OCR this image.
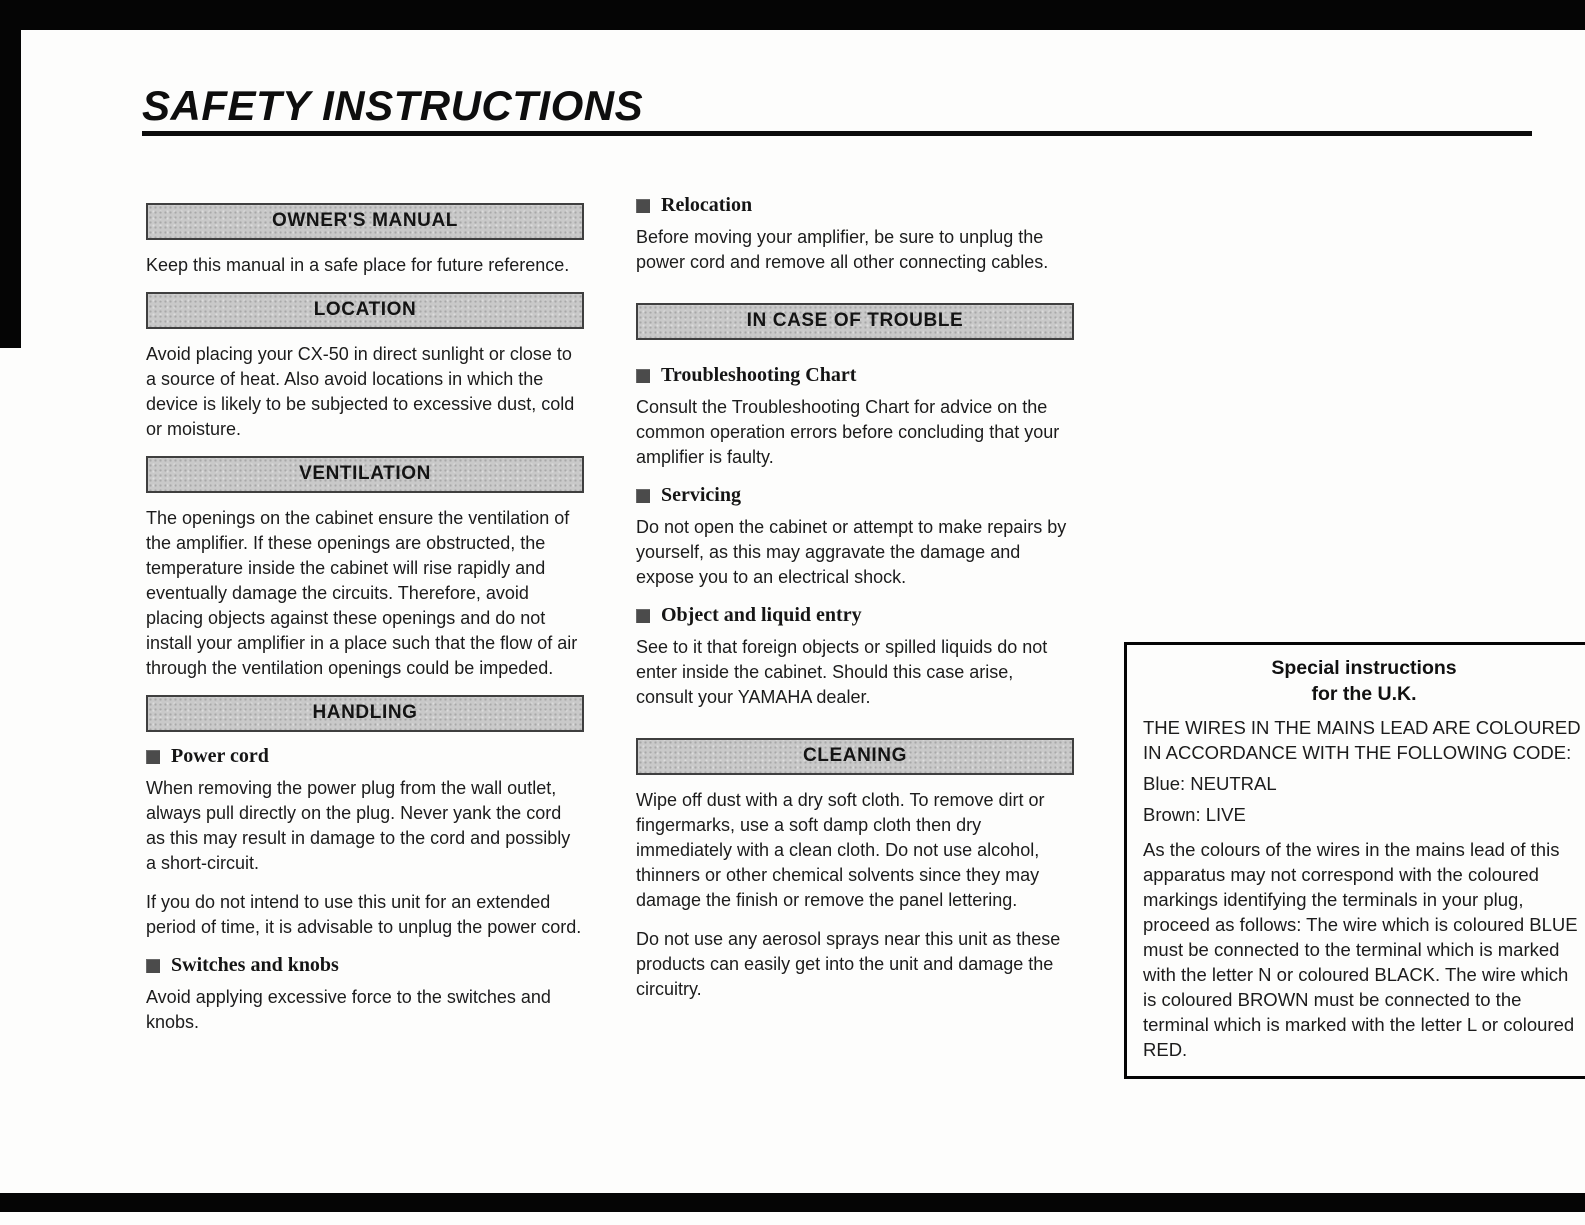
SAFETY INSTRUCTIONS
OWNER'S MANUAL

Keep this manual in a safe place for future reference.

LOCATION

Avoid placing your CX-50 in direct sunlight or close to a source of heat. Also avoid locations in which the device is likely to be subjected to excessive dust, cold or moisture.

VENTILATION

The openings on the cabinet ensure the ventilation of the amplifier. If these openings are obstructed, the temperature inside the cabinet will rise rapidly and eventually damage the circuits. Therefore, avoid placing objects against these openings and do not install your amplifier in a place such that the flow of air through the ventilation openings could be impeded.

HANDLING
Power cord

When removing the power plug from the wall outlet, always pull directly on the plug. Never yank the cord as this may result in damage to the cord and possibly a short-circuit.

If you do not intend to use this unit for an extended period of time, it is advisable to unplug the power cord.

Switches and knobs

Avoid applying excessive force to the switches and knobs.

Relocation

Before moving your amplifier, be sure to unplug the power cord and remove all other connecting cables.

IN CASE OF TROUBLE
Troubleshooting Chart

Consult the Troubleshooting Chart for advice on the common operation errors before concluding that your amplifier is faulty.

Servicing

Do not open the cabinet or attempt to make repairs by yourself, as this may aggravate the damage and expose you to an electrical shock.

Object and liquid entry

See to it that foreign objects or spilled liquids do not enter inside the cabinet. Should this case arise, consult your YAMAHA dealer.

CLEANING

Wipe off dust with a dry soft cloth. To remove dirt or fingermarks, use a soft damp cloth then dry immediately with a clean cloth. Do not use alcohol, thinners or other chemical solvents since they may damage the finish or remove the panel lettering.

Do not use any aerosol sprays near this unit as these products can easily get into the unit and damage the circuitry.

Special instructions
for the U.K.

THE WIRES IN THE MAINS LEAD ARE COLOURED IN ACCORDANCE WITH THE FOLLOWING CODE:

Blue: NEUTRAL

Brown: LIVE

As the colours of the wires in the mains lead of this apparatus may not correspond with the coloured markings identifying the terminals in your plug, proceed as follows: The wire which is coloured BLUE must be connected to the terminal which is marked with the letter N or coloured BLACK. The wire which is coloured BROWN must be connected to the terminal which is marked with the letter L or coloured RED.
